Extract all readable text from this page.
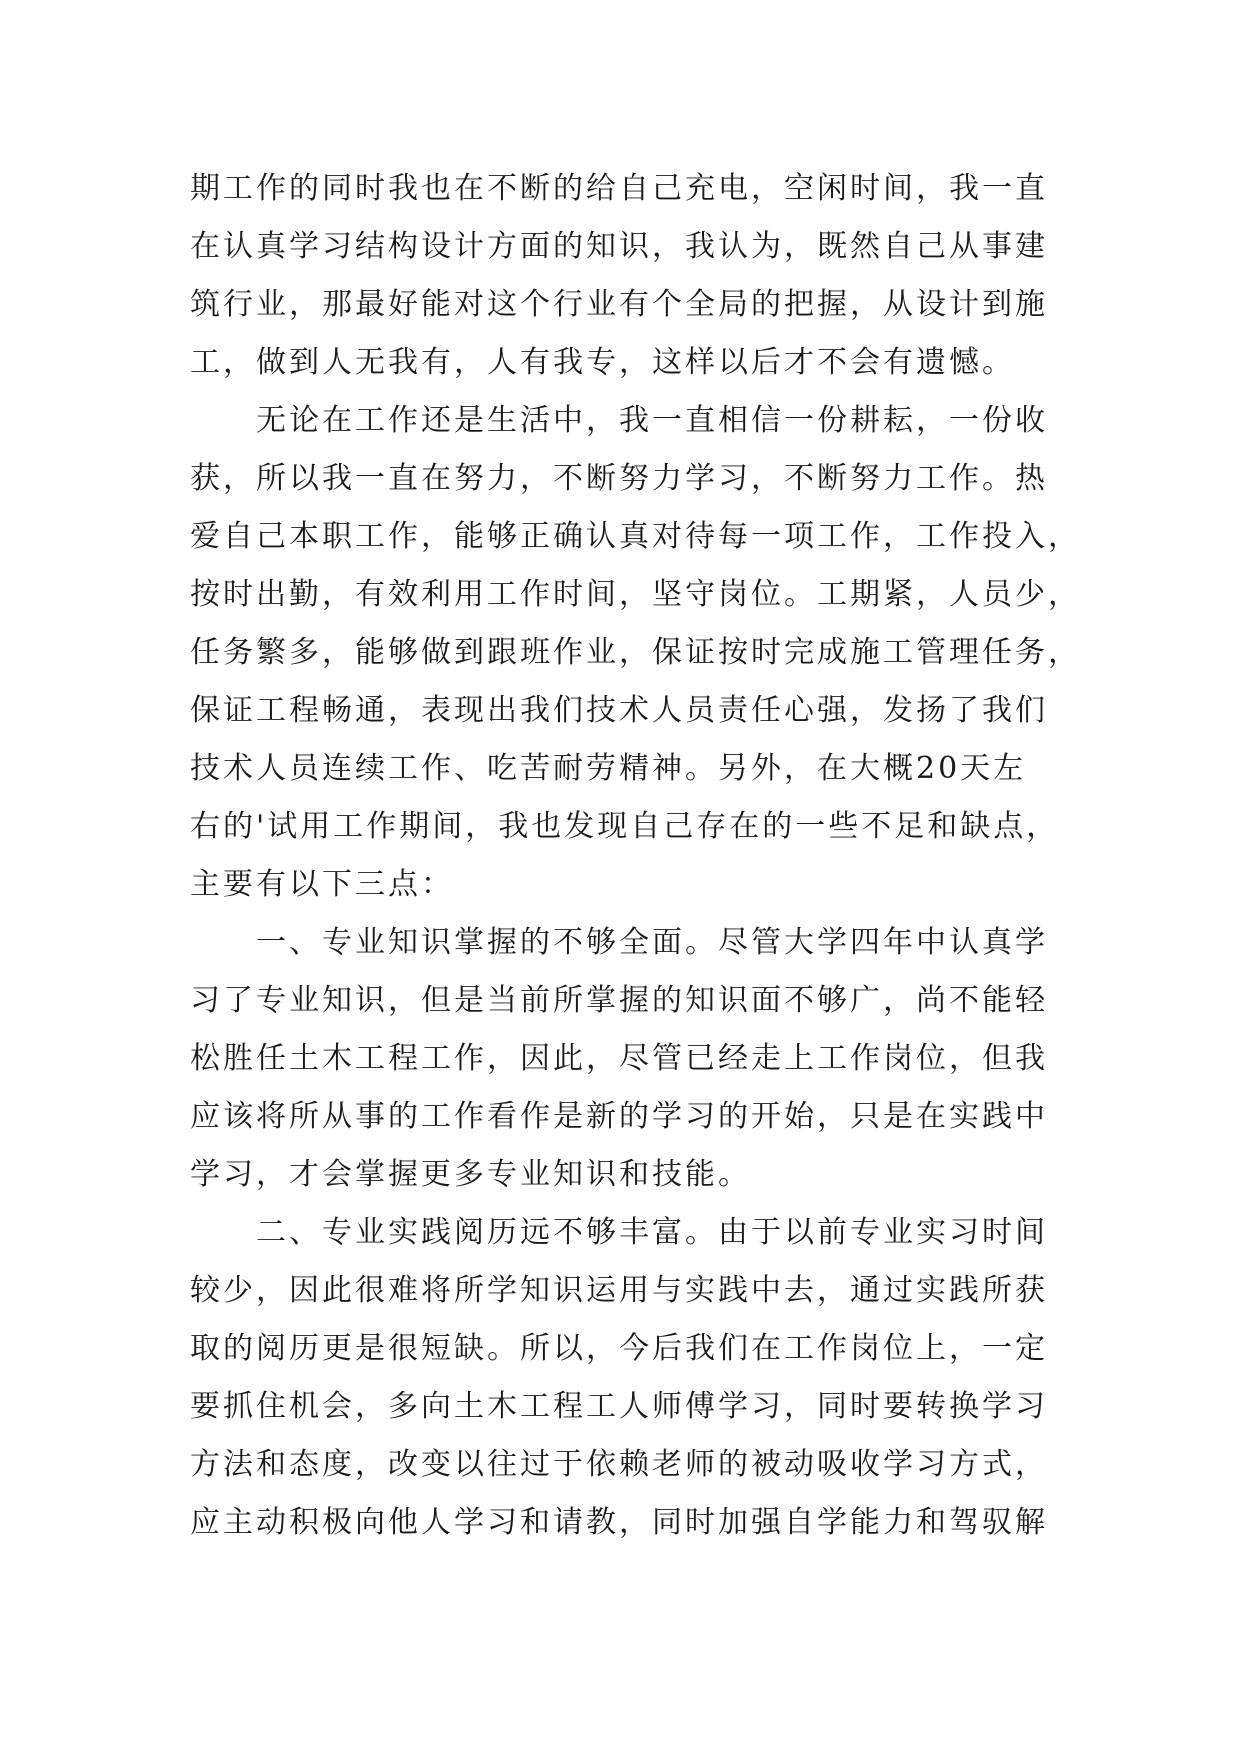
期工作的同时我也在不断的给自己充电，空闲时间，我一直
在认真学习结构设计方面的知识，我认为，既然自己从事建
筑行业，那最好能对这个行业有个全局的把握，从设计到施
工，做到人无我有，人有我专，这样以后才不会有遗憾。
　　无论在工作还是生活中，我一直相信一份耕耘，一份收
获，所以我一直在努力，不断努力学习，不断努力工作。热
爱自己本职工作，能够正确认真对待每一项工作，工作投入，
按时出勤，有效利用工作时间，坚守岗位。工期紧，人员少，
任务繁多，能够做到跟班作业，保证按时完成施工管理任务，
保证工程畅通，表现出我们技术人员责任心强，发扬了我们
技术人员连续工作、吃苦耐劳精神。另外，在大概20天左
右的'试用工作期间，我也发现自己存在的一些不足和缺点，
主要有以下三点：
　　一、专业知识掌握的不够全面。尽管大学四年中认真学
习了专业知识，但是当前所掌握的知识面不够广，尚不能轻
松胜任土木工程工作，因此，尽管已经走上工作岗位，但我
应该将所从事的工作看作是新的学习的开始，只是在实践中
学习，才会掌握更多专业知识和技能。
　　二、专业实践阅历远不够丰富。由于以前专业实习时间
较少，因此很难将所学知识运用与实践中去，通过实践所获
取的阅历更是很短缺。所以，今后我们在工作岗位上，一定
要抓住机会，多向土木工程工人师傅学习，同时要转换学习
方法和态度，改变以往过于依赖老师的被动吸收学习方式，
应主动积极向他人学习和请教，同时加强自学能力和驾驭解
